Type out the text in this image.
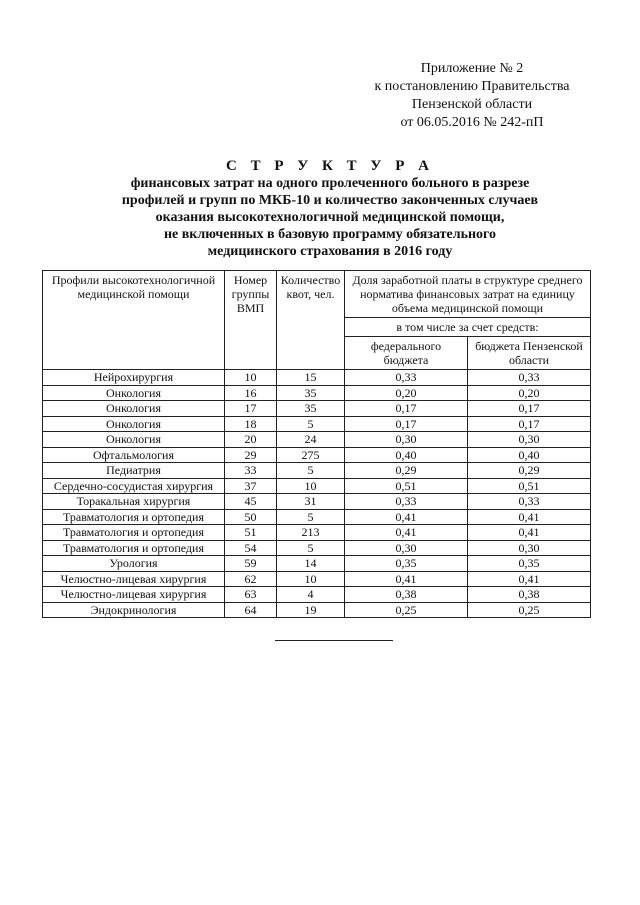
Приложение № 2
к постановлению Правительства
Пензенской области
от 06.05.2016 № 242-пП
С Т Р У К Т У Р А
финансовых затрат на одного пролеченного больного в разрезе
профилей и групп по МКБ-10 и количество законченных случаев
оказания высокотехнологичной медицинской помощи,
не включенных в базовую программу обязательного
медицинского страхования в 2016 году
Профили высокотехнологичной медицинской помощи	Номер группы ВМП	Количество квот, чел.	Доля заработной платы в структуре среднего норматива финансовых затрат на единицу объема медицинской помощи	
			в том числе за счет средств:	
			федерального бюджета	бюджета Пензенской области
Нейрохирургия	10	15	0,33	0,33
Онкология	16	35	0,20	0,20
Онкология	17	35	0,17	0,17
Онкология	18	5	0,17	0,17
Онкология	20	24	0,30	0,30
Офтальмология	29	275	0,40	0,40
Педиатрия	33	5	0,29	0,29
Сердечно-сосудистая хирургия	37	10	0,51	0,51
Торакальная хирургия	45	31	0,33	0,33
Травматология и ортопедия	50	5	0,41	0,41
Травматология и ортопедия	51	213	0,41	0,41
Травматология и ортопедия	54	5	0,30	0,30
Урология	59	14	0,35	0,35
Челюстно-лицевая хирургия	62	10	0,41	0,41
Челюстно-лицевая хирургия	63	4	0,38	0,38
Эндокринология	64	19	0,25	0,25
